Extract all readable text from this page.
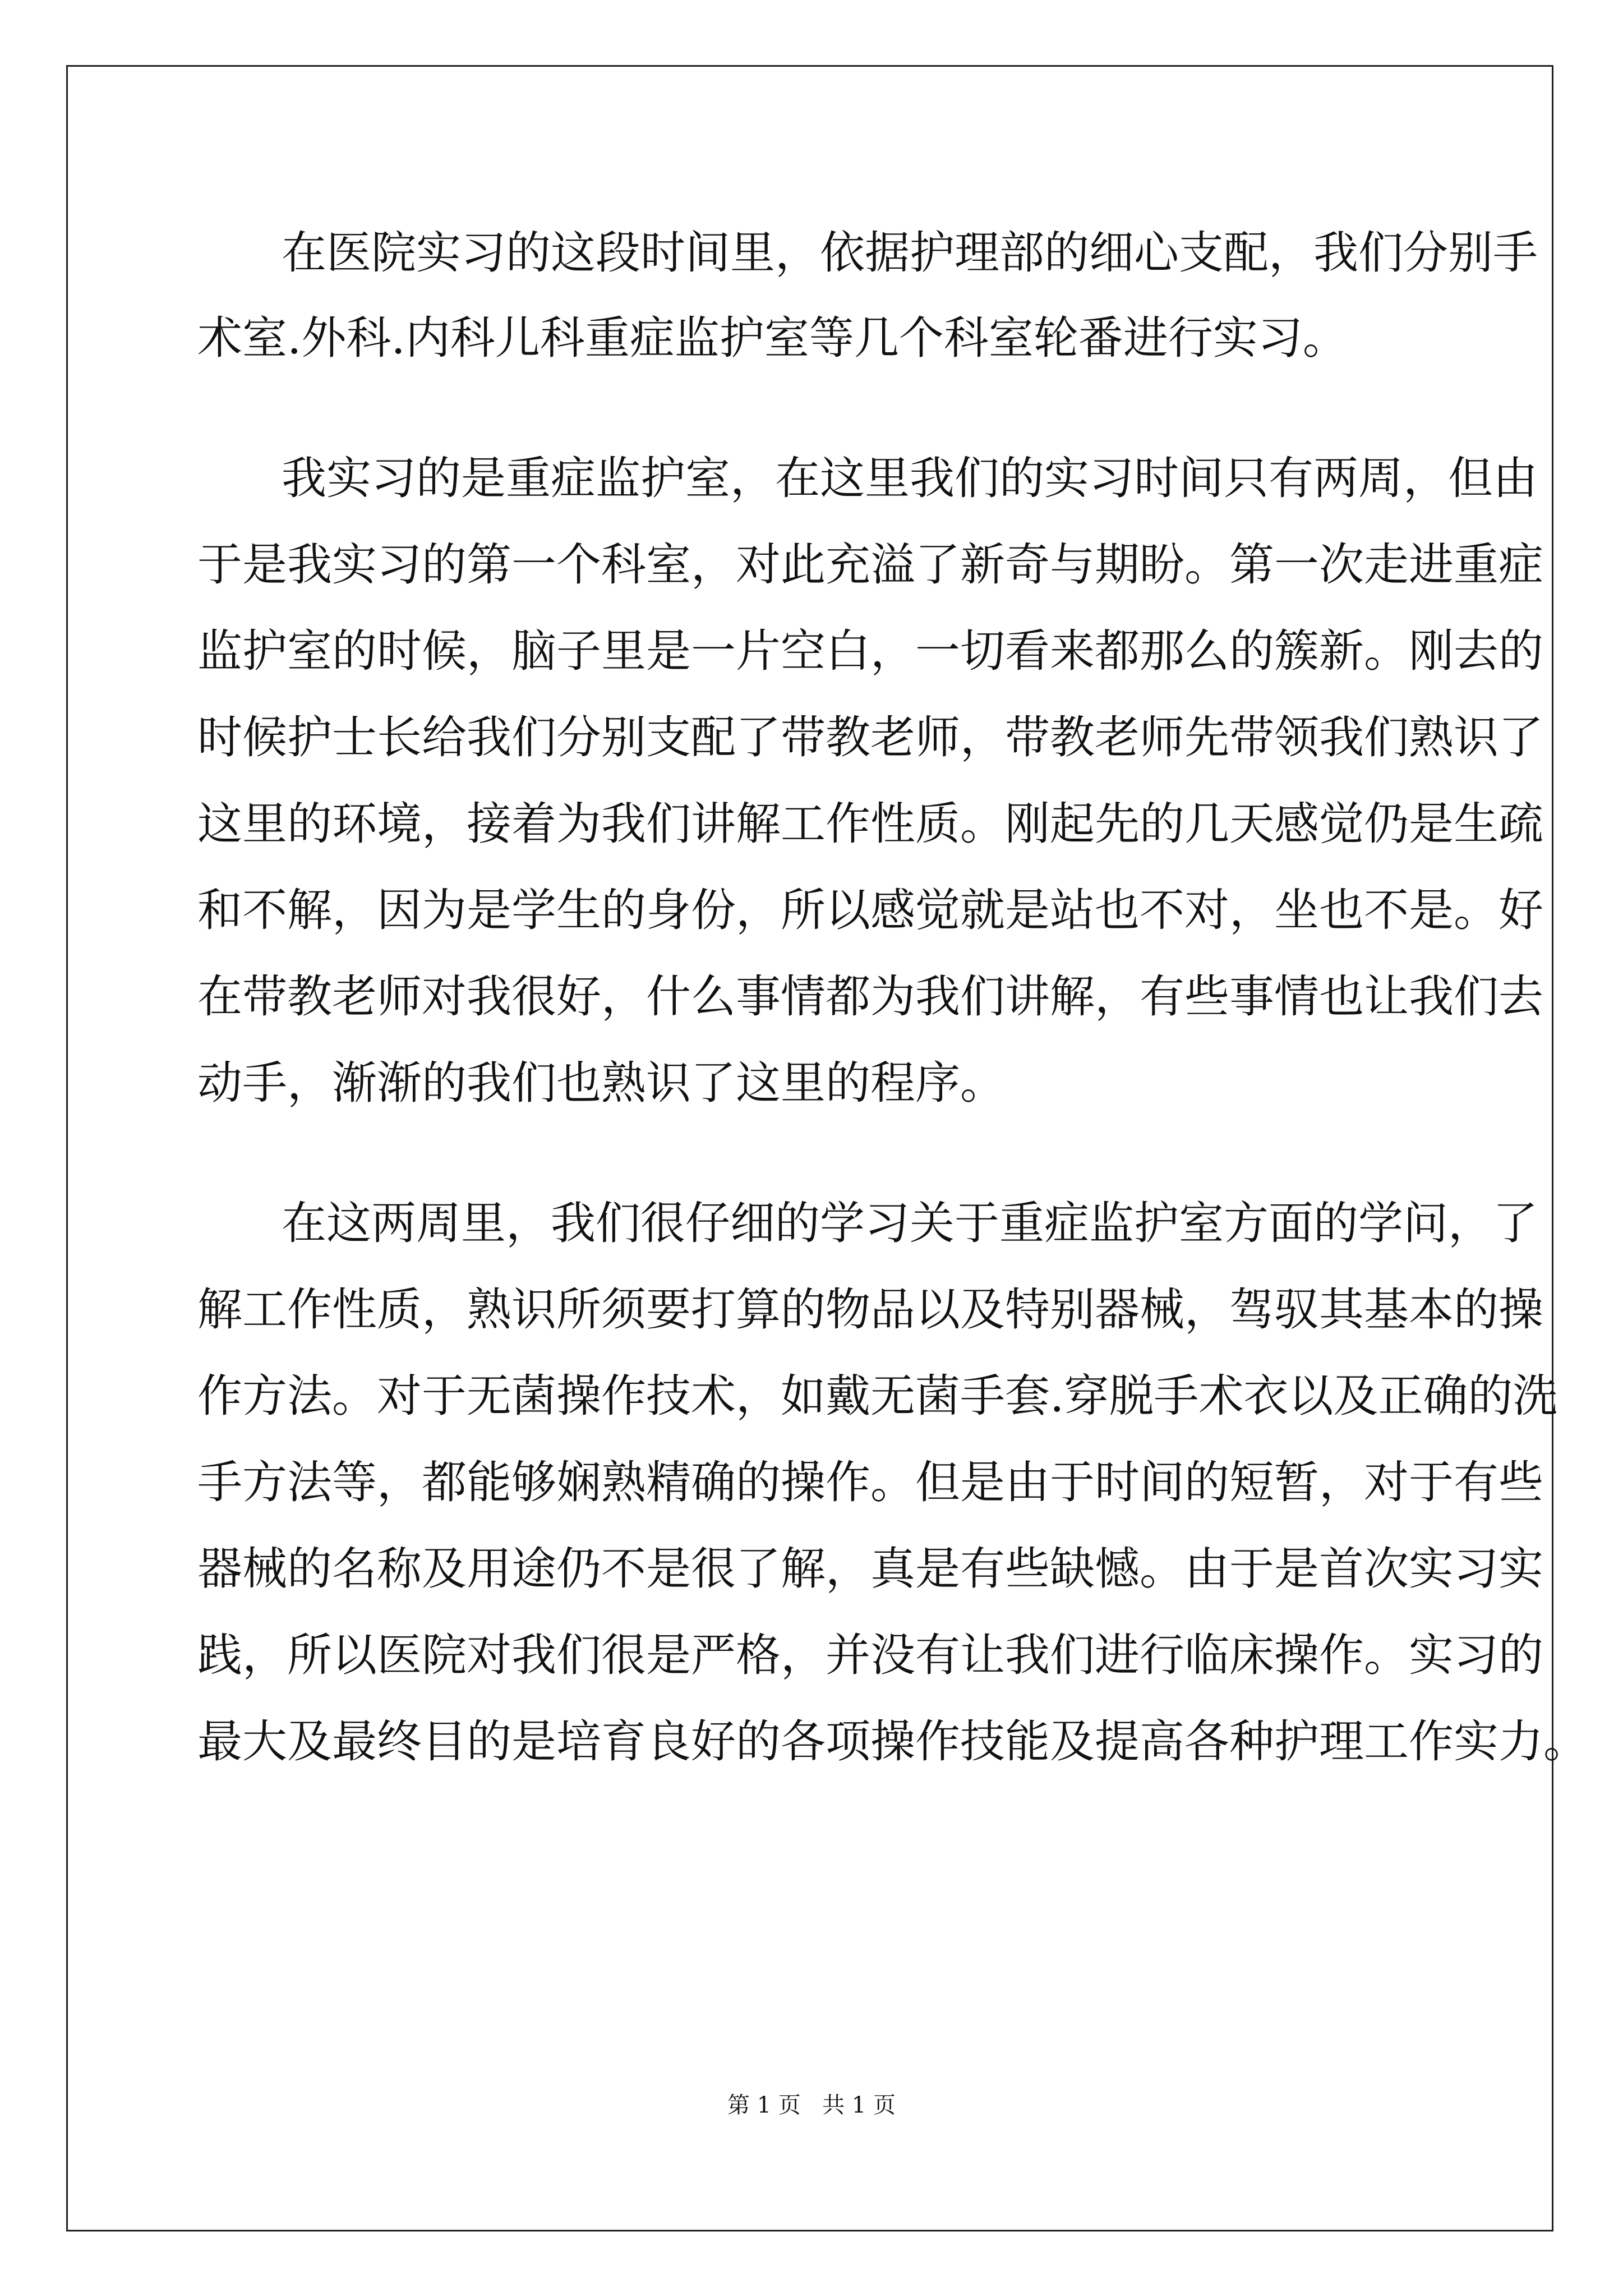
在医院实习的这段时间里，依据护理部的细心支配，我们分别手
术室.外科.内科儿科重症监护室等几个科室轮番进行实习。
我实习的是重症监护室，在这里我们的实习时间只有两周，但由
于是我实习的第一个科室，对此充溢了新奇与期盼。第一次走进重症
监护室的时候，脑子里是一片空白，一切看来都那么的簇新。刚去的
时候护士长给我们分别支配了带教老师，带教老师先带领我们熟识了
这里的环境，接着为我们讲解工作性质。刚起先的几天感觉仍是生疏
和不解，因为是学生的身份，所以感觉就是站也不对，坐也不是。好
在带教老师对我很好，什么事情都为我们讲解，有些事情也让我们去
动手，渐渐的我们也熟识了这里的程序。
在这两周里，我们很仔细的学习关于重症监护室方面的学问，了
解工作性质，熟识所须要打算的物品以及特别器械，驾驭其基本的操
作方法。对于无菌操作技术，如戴无菌手套.穿脱手术衣以及正确的洗
手方法等，都能够娴熟精确的操作。但是由于时间的短暂，对于有些
器械的名称及用途仍不是很了解，真是有些缺憾。由于是首次实习实
践，所以医院对我们很是严格，并没有让我们进行临床操作。实习的
最大及最终目的是培育良好的各项操作技能及提高各种护理工作实力。
第 1 页   共 1 页
